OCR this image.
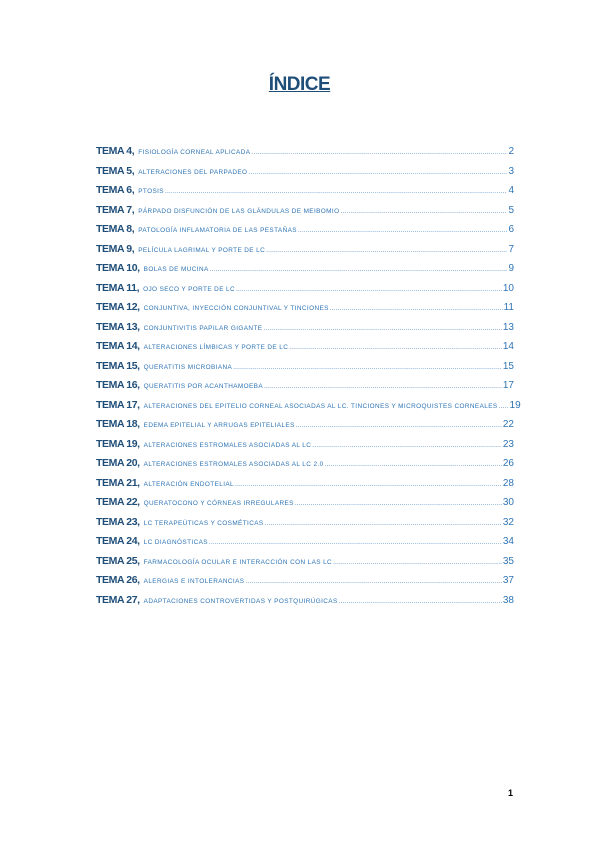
ÍNDICE
TEMA 4, FISIOLOGÍA CORNEAL APLICADA .....	2
TEMA 5, ALTERACIONES DEL PARPADEO .....	3
TEMA 6, PTOSIS .....	4
TEMA 7, PÁRPADO DISFUNCIÓN DE LAS GLÁNDULAS DE MEIBOMIO .....	5
TEMA 8, PATOLOGÍA INFLAMATORIA DE LAS PESTAÑAS .....	6
TEMA 9, PELÍCULA LAGRIMAL Y PORTE DE LC .....	7
TEMA 10, BOLAS DE MUCINA .....	9
TEMA 11, OJO SECO Y PORTE DE LC .....	10
TEMA 12, CONJUNTIVA, INYECCIÓN CONJUNTIVAL Y TINCIONES .....	11
TEMA 13, CONJUNTIVITIS PAPILAR GIGANTE .....	13
TEMA 14, ALTERACIONES LÍMBICAS Y PORTE DE LC .....	14
TEMA 15, QUERATITIS MICROBIANA .....	15
TEMA 16, QUERATITIS POR ACANTHAMOEBA .....	17
TEMA 17, ALTERACIONES DEL EPITELIO CORNEAL ASOCIADAS AL LC. TINCIONES Y MICROQUISTES CORNEALES ..... 19
TEMA 18, EDEMA EPITELIAL Y ARRUGAS EPITELIALES .....	22
TEMA 19, ALTERACIONES ESTROMALES ASOCIADAS AL LC .....	23
TEMA 20, ALTERACIONES ESTROMALES ASOCIADAS AL LC 2.0 .....	26
TEMA 21, ALTERACIÓN ENDOTELIAL .....	28
TEMA 22, QUERATOCONO Y CÓRNEAS IRREGULARES .....	30
TEMA 23, LC TERAPEÚTICAS Y COSMÉTICAS .....	32
TEMA 24, LC DIAGNÓSTICAS .....	34
TEMA 25, FARMACOLOGÍA OCULAR E INTERACCIÓN CON LAS LC .....	35
TEMA 26, ALERGIAS E INTOLERANCIAS .....	37
TEMA 27, ADAPTACIONES CONTROVERTIDAS Y POSTQUIRÚGICAS .....	38
1
